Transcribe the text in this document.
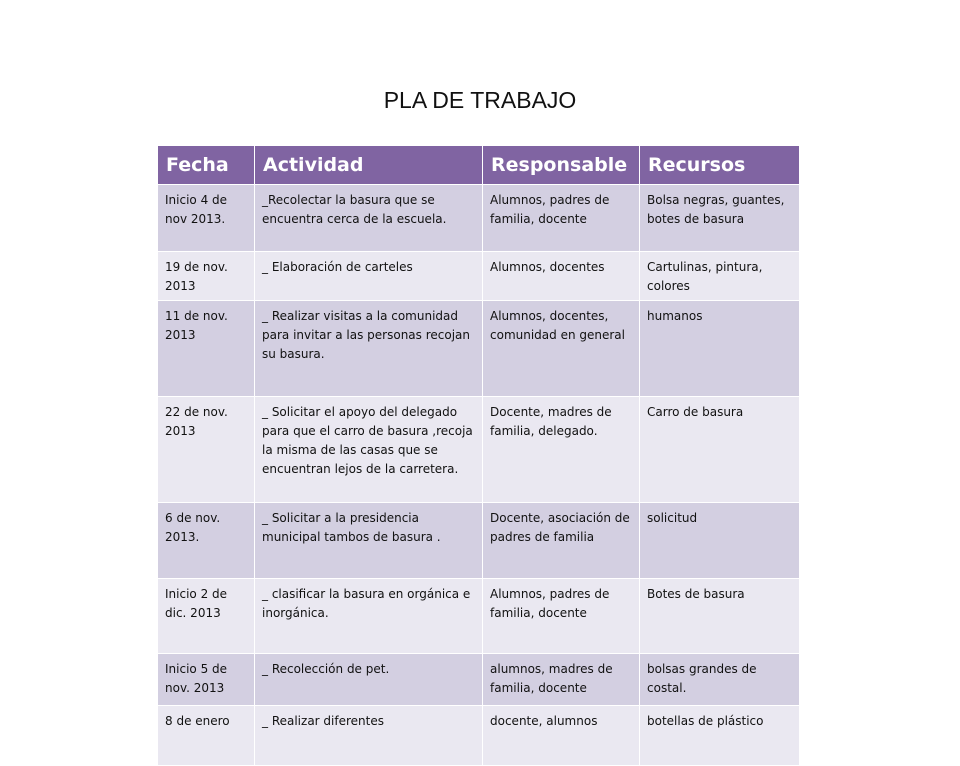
PLA DE TRABAJO
Fecha	Actividad	Responsable	Recursos
Inicio 4 de nov 2013.	_Recolectar la basura que se encuentra cerca de la escuela.	Alumnos, padres de familia, docente	Bolsa negras, guantes, botes de basura
19 de nov. 2013	_ Elaboración de carteles	Alumnos, docentes	Cartulinas, pintura, colores
11 de nov. 2013	_ Realizar visitas a la comunidad para invitar a las personas recojan su basura.	Alumnos, docentes, comunidad en general	humanos
22 de nov. 2013	_ Solicitar el apoyo del delegado para que el carro de basura ,recoja la misma de las casas que se encuentran lejos de la carretera.	Docente, madres de familia, delegado.	Carro de basura
6 de nov. 2013.	_ Solicitar a la presidencia municipal tambos de basura .	Docente, asociación de padres de familia	solicitud
Inicio 2 de dic. 2013	_ clasificar la basura en orgánica e inorgánica.	Alumnos, padres de familia, docente	Botes de basura
Inicio 5 de nov. 2013	_ Recolección de pet.	alumnos, madres de familia, docente	bolsas grandes de costal.
8 de enero	_ Realizar diferentes	docente, alumnos	botellas de plástico
